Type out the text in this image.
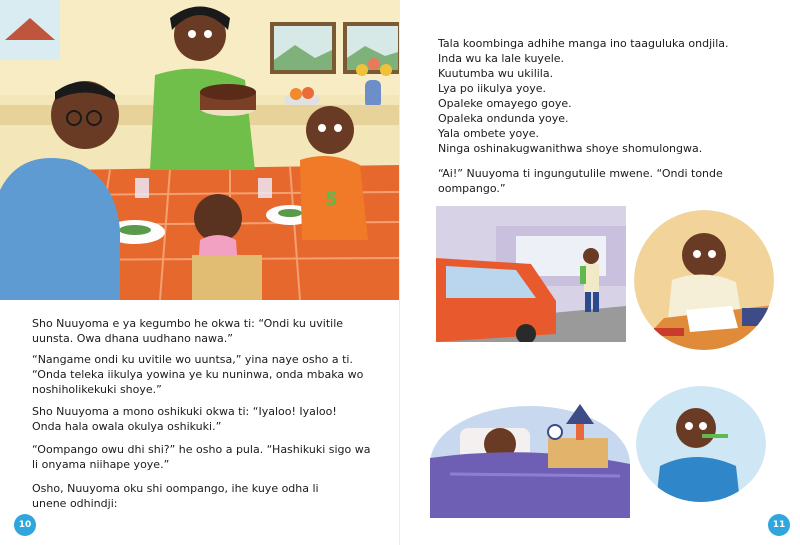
5

Sho Nuuyoma e ya kegumbo he okwa ti: “Ondi ku uvitile
uunsta. Owa dhana uudhano nawa.”

“Nangame ondi ku uvitile wo uuntsa,” yina naye osho a ti.
“Onda teleka iikulya yowina ye ku nuninwa, onda mbaka wo
noshiholikekuki shoye.”

Sho Nuuyoma a mono oshikuki okwa ti: “Iyaloo! Iyaloo!
Onda hala owala okulya oshikuki.”

“Oompango owu dhi shi?” he osho a pula. “Hashikuki sigo wa
li onyama niihape yoye.”

Osho, Nuuyoma oku shi oompango, ihe kuye odha li
unene odhindji:

10

Tala koombinga adhihe manga ino taaguluka ondjila.
Inda wu ka lale kuyele.
Kuutumba wu ukilila.
Lya po iikulya yoye.
Opaleke omayego goye.
Opaleka ondunda yoye.
Yala ombete yoye.
Ninga oshinakugwanithwa shoye shomulongwa.

“Ai!” Nuuyoma ti ingungutulile mwene. “Ondi tonde
oompango.”

11
